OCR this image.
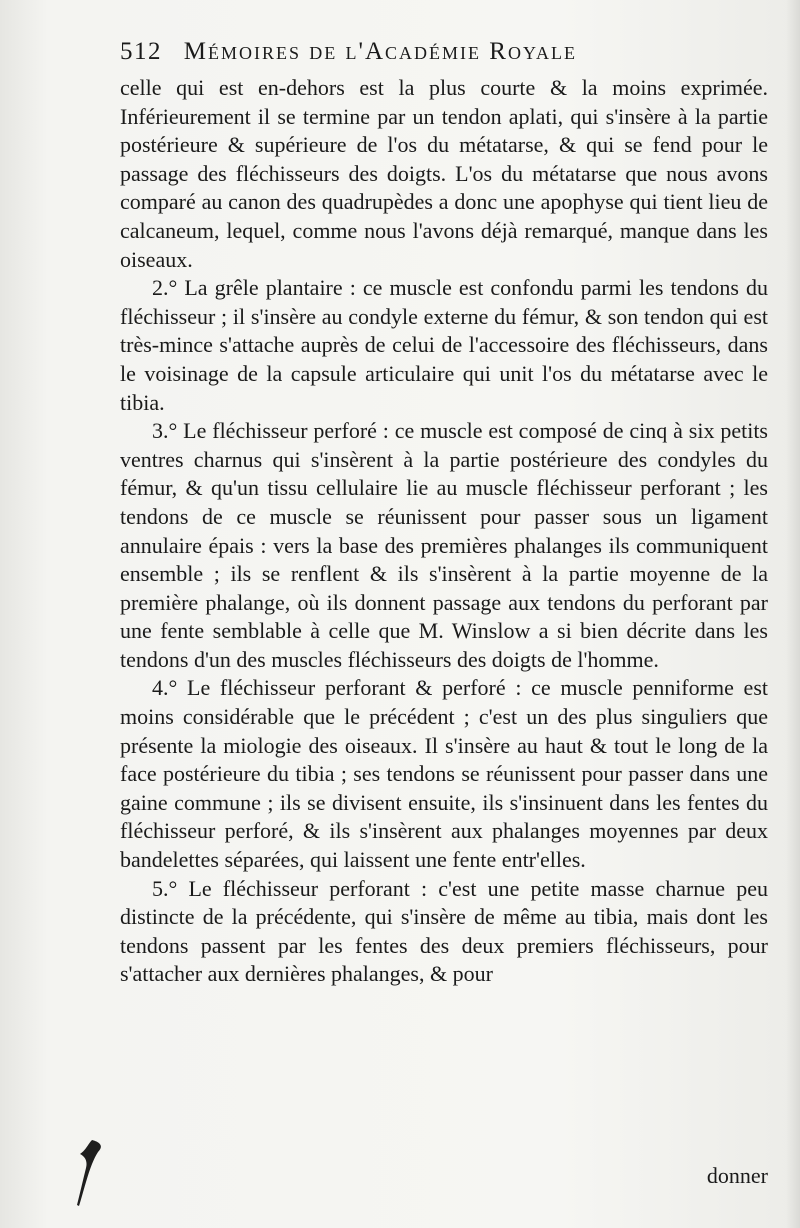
512 Mémoires de l'Académie Royale

celle qui est en-dehors est la plus courte & la moins exprimée. Inférieurement il se termine par un tendon aplati, qui s'insère à la partie postérieure & supérieure de l'os du métatarse, & qui se fend pour le passage des fléchisseurs des doigts. L'os du métatarse que nous avons comparé au canon des quadrupèdes a donc une apophyse qui tient lieu de calcaneum, lequel, comme nous l'avons déjà remarqué, manque dans les oiseaux.

2.° La grêle plantaire : ce muscle est confondu parmi les tendons du fléchisseur ; il s'insère au condyle externe du fémur, & son tendon qui est très-mince s'attache auprès de celui de l'accessoire des fléchisseurs, dans le voisinage de la capsule articulaire qui unit l'os du métatarse avec le tibia.

3.° Le fléchisseur perforé : ce muscle est composé de cinq à six petits ventres charnus qui s'insèrent à la partie postérieure des condyles du fémur, & qu'un tissu cellulaire lie au muscle fléchisseur perforant ; les tendons de ce muscle se réunissent pour passer sous un ligament annulaire épais : vers la base des premières phalanges ils communiquent ensemble ; ils se renflent & ils s'insèrent à la partie moyenne de la première phalange, où ils donnent passage aux tendons du perforant par une fente semblable à celle que M. Winslow a si bien décrite dans les tendons d'un des muscles fléchisseurs des doigts de l'homme.

4.° Le fléchisseur perforant & perforé : ce muscle penniforme est moins considérable que le précédent ; c'est un des plus singuliers que présente la miologie des oiseaux. Il s'insère au haut & tout le long de la face postérieure du tibia ; ses tendons se réunissent pour passer dans une gaine commune ; ils se divisent ensuite, ils s'insinuent dans les fentes du fléchisseur perforé, & ils s'insèrent aux phalanges moyennes par deux bandelettes séparées, qui laissent une fente entr'elles.

5.° Le fléchisseur perforant : c'est une petite masse charnue peu distincte de la précédente, qui s'insère de même au tibia, mais dont les tendons passent par les fentes des deux premiers fléchisseurs, pour s'attacher aux dernières phalanges, & pour

donner
